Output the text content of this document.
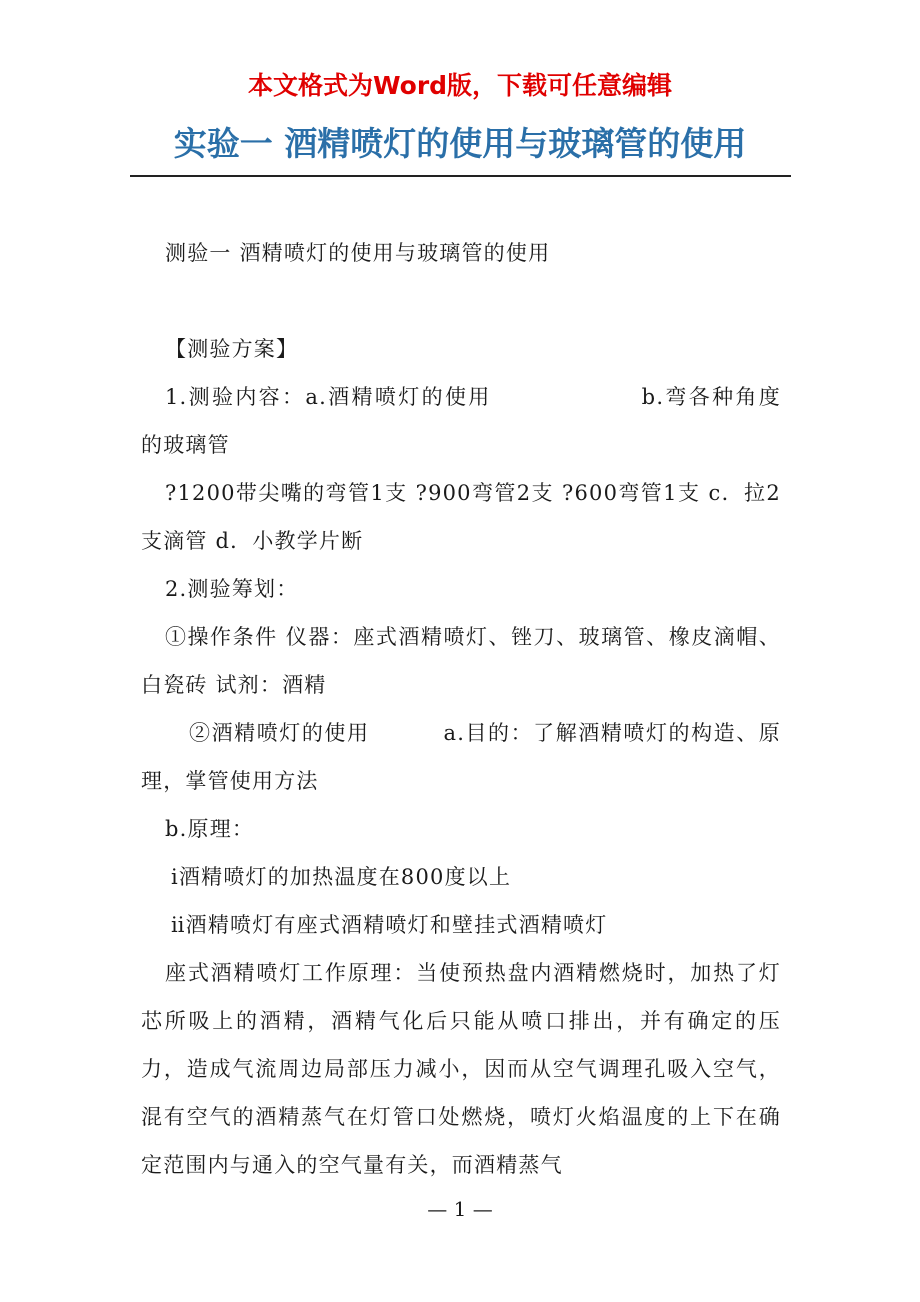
本文格式为Word版，下载可任意编辑
实验一 酒精喷灯的使用与玻璃管的使用

测验一 酒精喷灯的使用与玻璃管的使用

【测验方案】

1.测验内容：a.酒精喷灯的使用	b.弯各种角度的玻璃管

?1200带尖嘴的弯管1支 ?900弯管2支 ?600弯管1支 c．拉2支滴管 d．小教学片断

2.测验筹划：

①操作条件 仪器：座式酒精喷灯、锉刀、玻璃管、橡皮滴帽、白瓷砖 试剂：酒精

②酒精喷灯的使用	a.目的：了解酒精喷灯的构造、原理，掌管使用方法

b.原理：

ⅰ酒精喷灯的加热温度在800度以上

ⅱ酒精喷灯有座式酒精喷灯和壁挂式酒精喷灯

座式酒精喷灯工作原理：当使预热盘内酒精燃烧时，加热了灯芯所吸上的酒精，酒精气化后只能从喷口排出，并有确定的压力，造成气流周边局部压力减小，因而从空气调理孔吸入空气，混有空气的酒精蒸气在灯管口处燃烧，喷灯火焰温度的上下在确定范围内与通入的空气量有关，而酒精蒸气

— 1 —
